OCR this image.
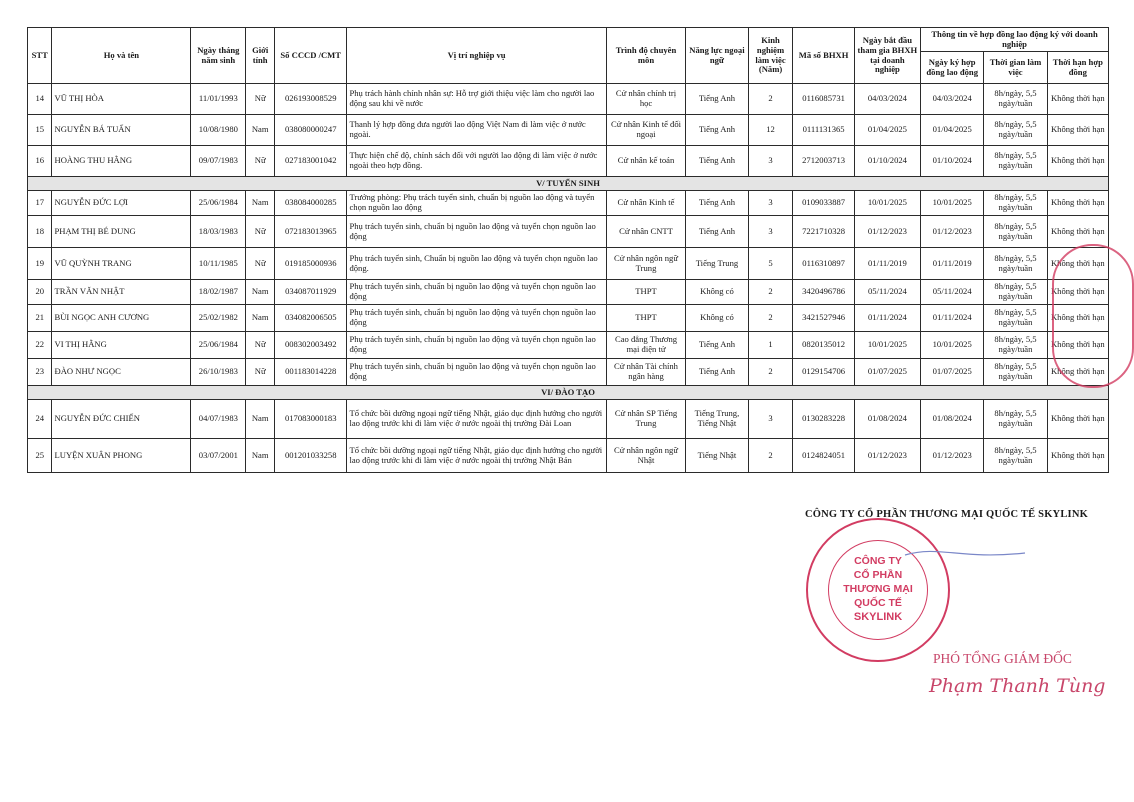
STT	Họ và tên	Ngày tháng năm sinh	Giới tính	Số CCCD /CMT	Vị trí nghiệp vụ	Trình độ chuyên môn	Năng lực ngoại ngữ	Kinh nghiệm làm việc (Năm)	Mã số BHXH	Ngày bắt đầu tham gia BHXH tại doanh nghiệp	Thông tin về hợp đồng lao động ký với doanh nghiệp		
											Ngày ký hợp đồng lao động	Thời gian làm việc	Thời hạn hợp đồng
14	VŨ THỊ HÒA	11/01/1993	Nữ	026193008529	Phụ trách hành chính nhân sự: Hỗ trợ giới thiệu việc làm cho người lao động sau khi về nước	Cử nhân chính trị học	Tiếng Anh	2	0116085731	04/03/2024	04/03/2024	8h/ngày, 5,5 ngày/tuần	Không thời hạn
15	NGUYỄN BÁ TUẤN	10/08/1980	Nam	038080000247	Thanh lý hợp đồng đưa người lao động Việt Nam đi làm việc ở nước ngoài.	Cử nhân Kinh tế đối ngoại	Tiếng Anh	12	0111131365	01/04/2025	01/04/2025	8h/ngày, 5,5 ngày/tuần	Không thời hạn
16	HOÀNG THU HẰNG	09/07/1983	Nữ	027183001042	Thực hiện chế độ, chính sách đối với người lao động đi làm việc ở nước ngoài theo hợp đồng.	Cử nhân kế toán	Tiếng Anh	3	2712003713	01/10/2024	01/10/2024	8h/ngày, 5,5 ngày/tuần	Không thời hạn
V/ TUYỂN SINH													
17	NGUYỄN ĐỨC LỢI	25/06/1984	Nam	038084000285	Trưởng phòng: Phụ trách tuyển sinh, chuẩn bị nguồn lao động và tuyển chọn nguồn lao động	Cử nhân Kinh tế	Tiếng Anh	3	0109033887	10/01/2025	10/01/2025	8h/ngày, 5,5 ngày/tuần	Không thời hạn
18	PHẠM THỊ BÉ DUNG	18/03/1983	Nữ	072183013965	Phụ trách tuyển sinh, chuẩn bị nguồn lao động và tuyển chọn nguồn lao động	Cử nhân CNTT	Tiếng Anh	3	7221710328	01/12/2023	01/12/2023	8h/ngày, 5,5 ngày/tuần	Không thời hạn
19	VŨ QUỲNH TRANG	10/11/1985	Nữ	019185000936	Phụ trách tuyển sinh, Chuẩn bị nguồn lao động và tuyển chọn nguồn lao động.	Cử nhân ngôn ngữ Trung	Tiếng Trung	5	0116310897	01/11/2019	01/11/2019	8h/ngày, 5,5 ngày/tuần	Không thời hạn
20	TRẦN VĂN NHẬT	18/02/1987	Nam	034087011929	Phụ trách tuyển sinh, chuẩn bị nguồn lao động và tuyển chọn nguồn lao động	THPT	Không có	2	3420496786	05/11/2024	05/11/2024	8h/ngày, 5,5 ngày/tuần	Không thời hạn
21	BÙI NGỌC ANH CƯƠNG	25/02/1982	Nam	034082006505	Phụ trách tuyển sinh, chuẩn bị nguồn lao động và tuyển chọn nguồn lao động	THPT	Không có	2	3421527946	01/11/2024	01/11/2024	8h/ngày, 5,5 ngày/tuần	Không thời hạn
22	VI THỊ HẰNG	25/06/1984	Nữ	008302003492	Phụ trách tuyển sinh, chuẩn bị nguồn lao động và tuyển chọn nguồn lao động	Cao đẳng Thương mại điện tử	Tiếng Anh	1	0820135012	10/01/2025	10/01/2025	8h/ngày, 5,5 ngày/tuần	Không thời hạn
23	ĐÀO NHƯ NGỌC	26/10/1983	Nữ	001183014228	Phụ trách tuyển sinh, chuẩn bị nguồn lao động và tuyển chọn nguồn lao động	Cử nhân Tài chính ngân hàng	Tiếng Anh	2	0129154706	01/07/2025	01/07/2025	8h/ngày, 5,5 ngày/tuần	Không thời hạn
VI/ ĐÀO TẠO													
24	NGUYỄN ĐỨC CHIẾN	04/07/1983	Nam	017083000183	Tổ chức bồi dưỡng ngoại ngữ tiếng Nhật, giáo dục định hướng cho người lao động trước khi đi làm việc ở nước ngoài thị trường Đài Loan	Cử nhân SP Tiếng Trung	Tiếng Trung, Tiếng Nhật	3	0130283228	01/08/2024	01/08/2024	8h/ngày, 5,5 ngày/tuần	Không thời hạn
25	LUYỆN XUÂN PHONG	03/07/2001	Nam	001201033258	Tổ chức bồi dưỡng ngoại ngữ tiếng Nhật, giáo dục định hướng cho người lao động trước khi đi làm việc ở nước ngoài thị trường Nhật Bản	Cử nhân ngôn ngữ Nhật	Tiếng Nhật	2	0124824051	01/12/2023	01/12/2023	8h/ngày, 5,5 ngày/tuần	Không thời hạn
CÔNG TY CỔ PHẦN THƯƠNG MẠI QUỐC TẾ SKYLINK
CÔNG TY
CỔ PHẦN
THƯƠNG MẠI
QUỐC TẾ
SKYLINK
PHÓ TỔNG GIÁM ĐỐC
Phạm Thanh Tùng
